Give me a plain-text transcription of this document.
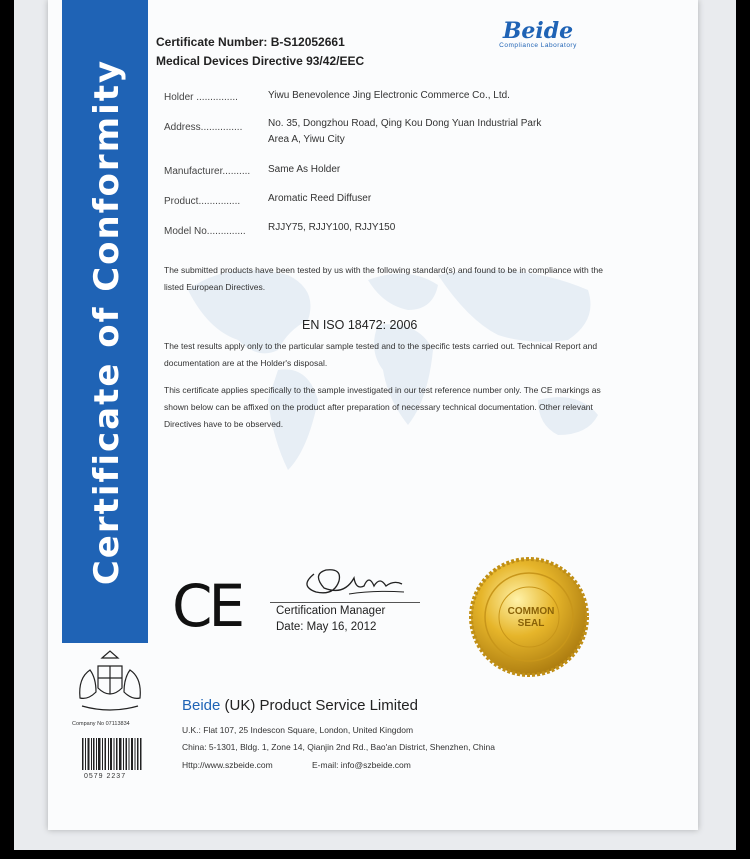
Certificate of Conformity
Certificate Number: B-S12052661
Medical Devices Directive 93/42/EEC
Beide
Compliance Laboratory
Holder ...............	Yiwu Benevolence Jing Electronic Commerce Co., Ltd.
Address...............	No. 35, Dongzhou Road, Qing Kou Dong Yuan Industrial Park
Area A, Yiwu City
Manufacturer.......... Same As Holder
Product...............	Aromatic Reed Diffuser
Model No.............. RJJY75, RJJY100, RJJY150
The submitted products have been tested by us with the following standard(s) and found to be in compliance with the listed European Directives.
EN ISO 18472: 2006
The test results apply only to the particular sample tested and to the specific tests carried out. Technical Report and documentation are at the Holder's disposal.
This certificate applies specifically to the sample investigated in our test reference number only. The CE markings as shown below can be affixed on the product after preparation of necessary technical documentation. Other relevant Directives have to be observed.
CE	Certification Manager
Date: May 16, 2012
COMMON SEAL
Company No 07113834
0579 2237
Beide (UK) Product Service Limited
U.K.: Flat 107, 25 Indescon Square, London, United Kingdom
China: 5-1301, Bldg. 1, Zone 14, Qianjin 2nd Rd., Bao'an District, Shenzhen, China
Http://www.szbeide.com	E-mail: info@szbeide.com
